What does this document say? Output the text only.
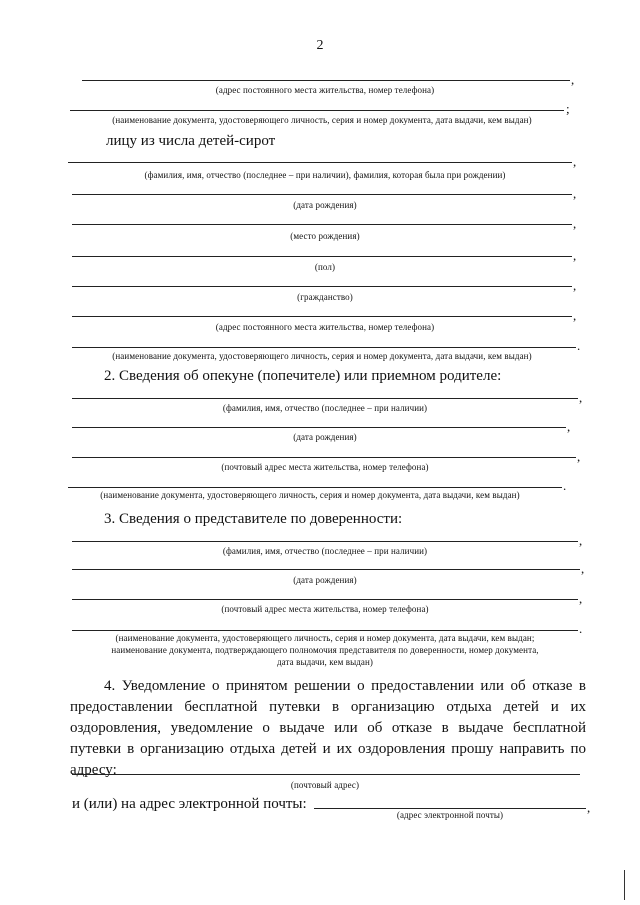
2
,
(адрес постоянного места жительства, номер телефона)
;
(наименование документа, удостоверяющего личность, серия и номер документа, дата выдачи, кем выдан)
лицу из числа детей-сирот
,
(фамилия, имя, отчество (последнее – при наличии), фамилия, которая была при рождении)
,
(дата рождения)
,
(место рождения)
,
(пол)
,
(гражданство)
,
(адрес постоянного места жительства, номер телефона)
.
(наименование документа, удостоверяющего личность, серия и номер документа, дата выдачи, кем выдан)
2. Сведения об опекуне (попечителе) или приемном родителе:
,
(фамилия, имя, отчество (последнее – при наличии)
,
(дата рождения)
,
(почтовый адрес места жительства, номер телефона)
.
(наименование документа, удостоверяющего личность, серия и номер документа, дата выдачи, кем выдан)
3. Сведения о представителе по доверенности:
,
(фамилия, имя, отчество (последнее – при наличии)
,
(дата рождения)
,
(почтовый адрес места жительства, номер телефона)
.
(наименование документа, удостоверяющего личность, серия и номер документа, дата выдачи, кем выдан;
наименование документа, подтверждающего полномочия представителя по доверенности, номер документа,
дата выдачи, кем выдан)
4. Уведомление о принятом решении о предоставлении или об отказе в предоставлении бесплатной путевки в организацию отдыха детей и их оздоровления, уведомление о выдаче или об отказе в выдаче бесплатной путевки в организацию отдыха детей и их оздоровления прошу направить по адресу:
(почтовый адрес)
и (или) на адрес электронной почты:	,
(адрес электронной почты)
